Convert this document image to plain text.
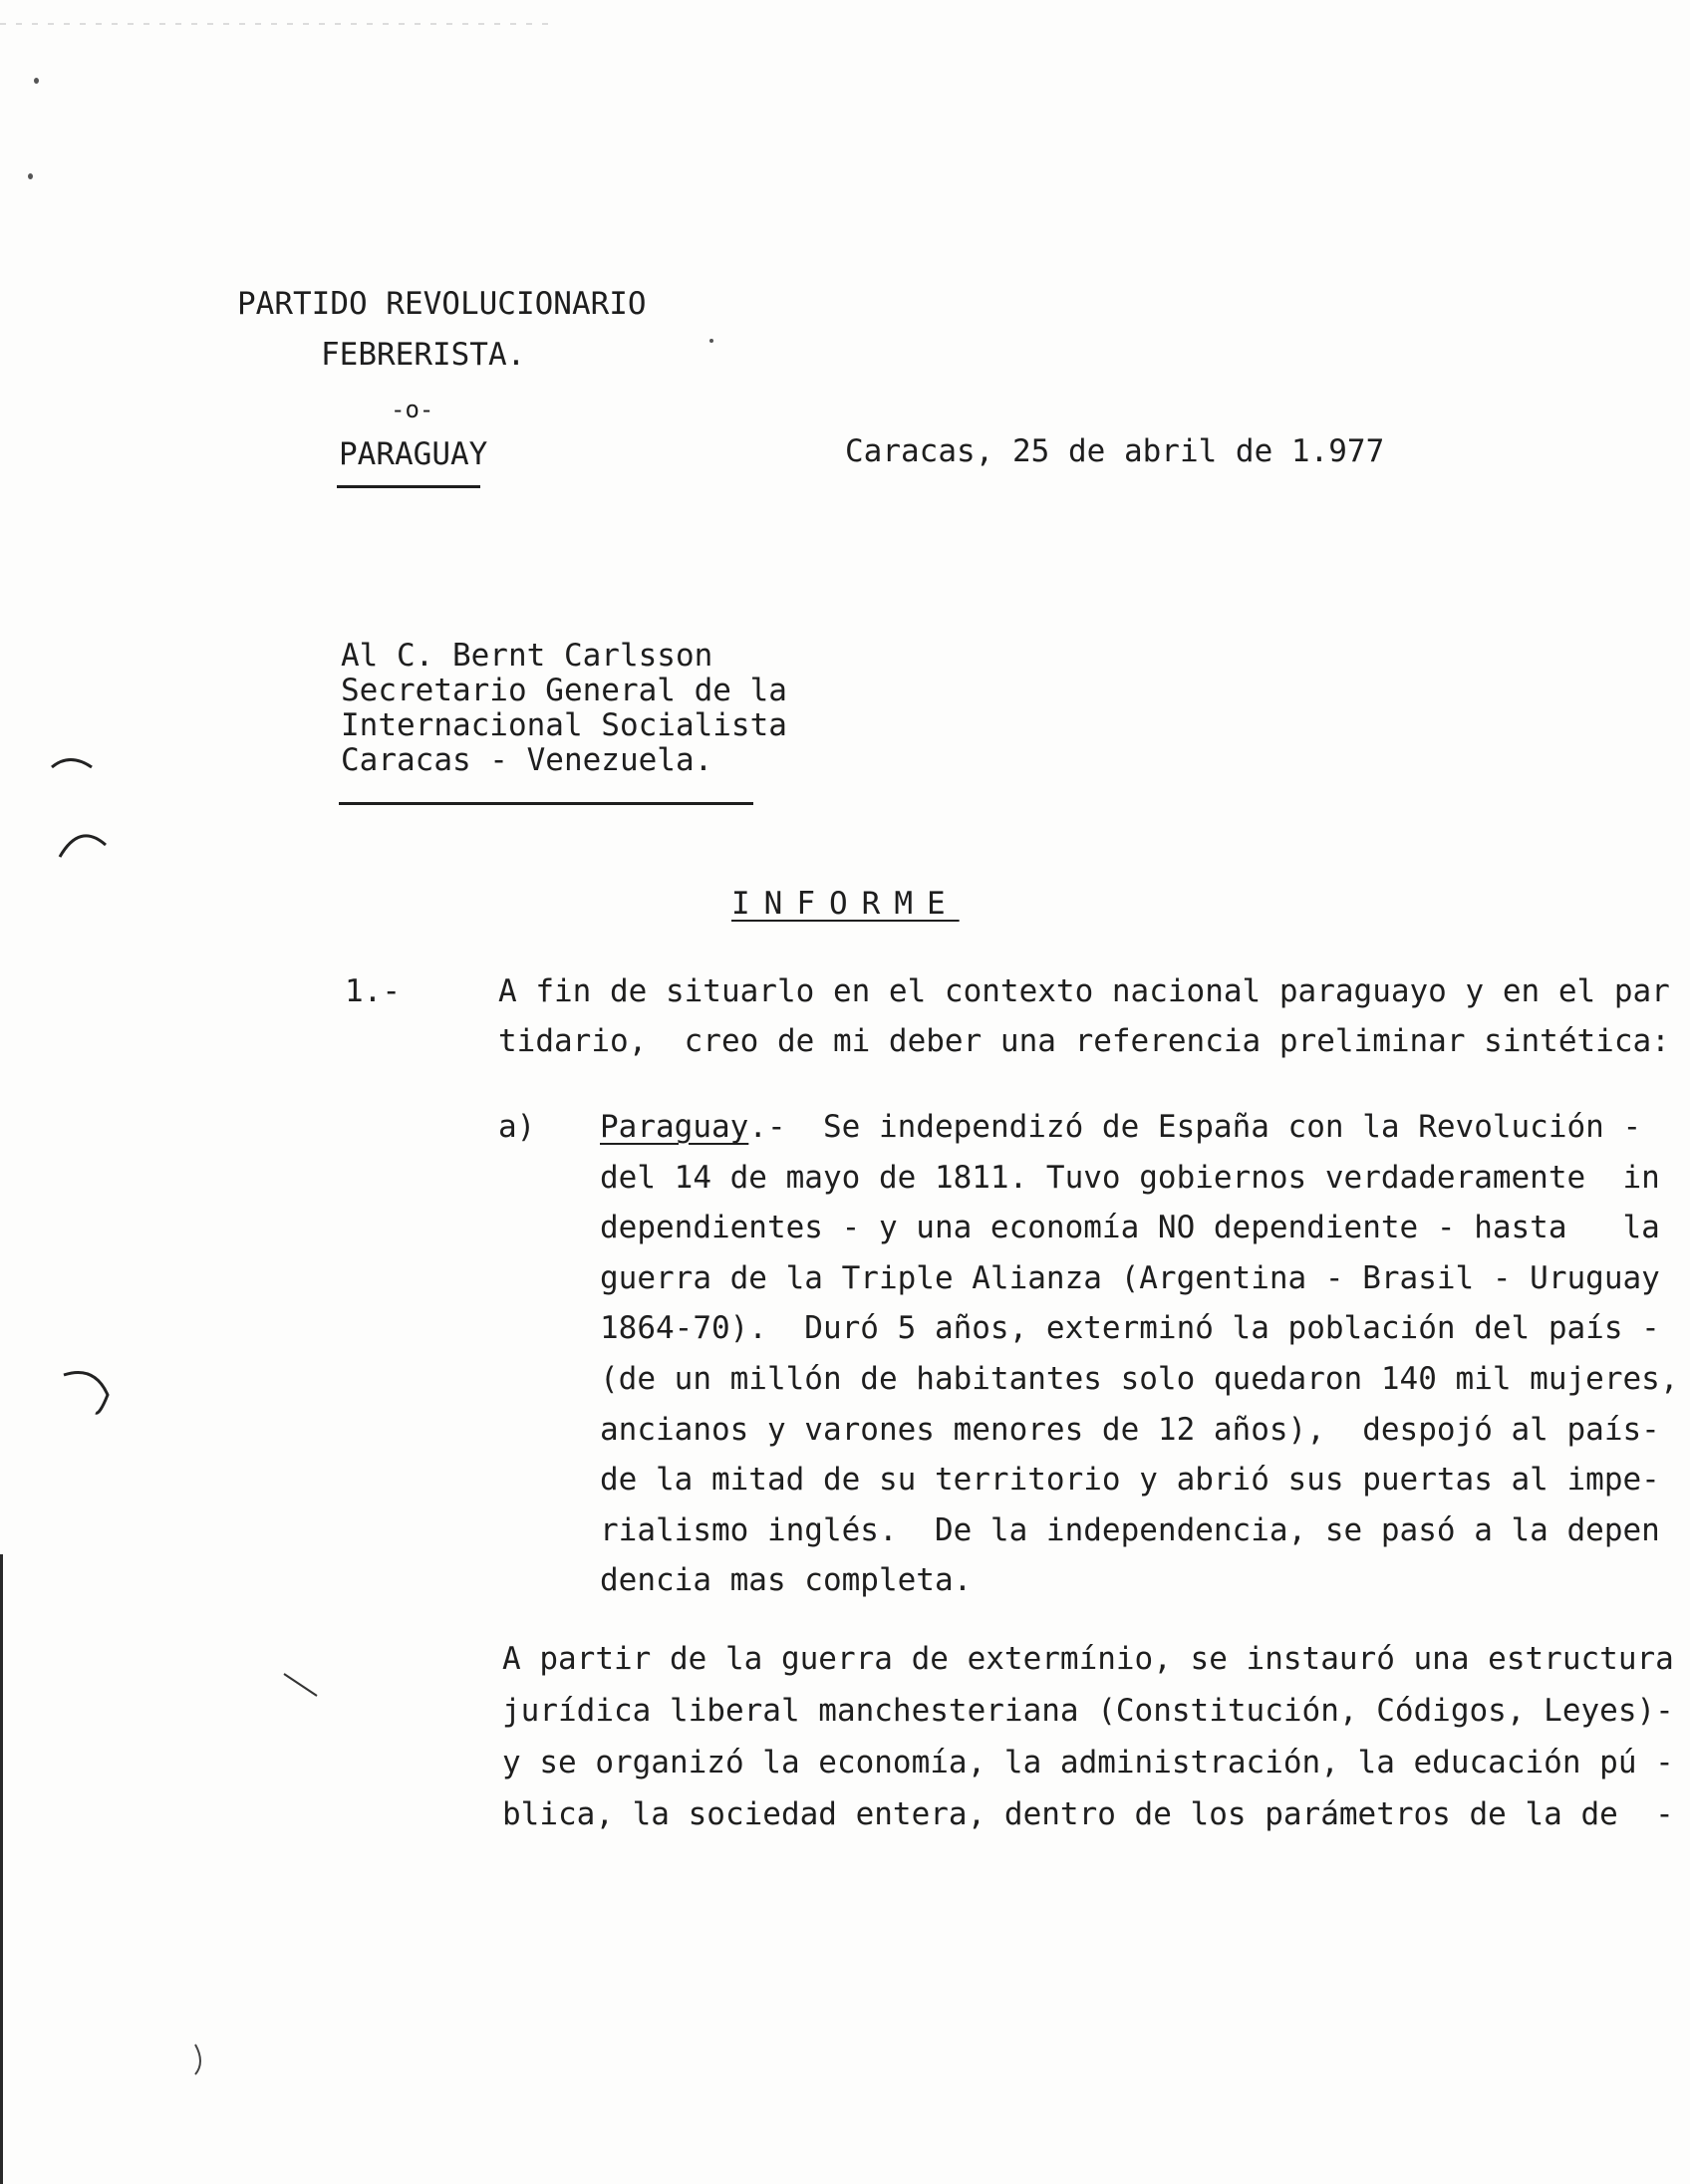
PARTIDO REVOLUCIONARIO
FEBRERISTA.
-o-
PARAGUAY	Caracas, 25 de abril de 1.977
Al C. Bernt Carlsson
Secretario General de la
Internacional Socialista
Caracas - Venezuela.
INFORME
1.-	A fin de situarlo en el contexto nacional paraguayo y en el par
tidario,  creo de mi deber una referencia preliminar sintética:
a) Paraguay.-  Se independizó de España con la Revolución -
del 14 de mayo de 1811. Tuvo gobiernos verdaderamente  in
dependientes - y una economía NO dependiente - hasta   la
guerra de la Triple Alianza (Argentina - Brasil - Uruguay
1864-70).  Duró 5 años, exterminó la población del país -
(de un millón de habitantes solo quedaron 140 mil mujeres,
ancianos y varones menores de 12 años),  despojó al país-
de la mitad de su territorio y abrió sus puertas al impe-
rialismo inglés.  De la independencia, se pasó a la depen
dencia mas completa.
A partir de la guerra de extermínio, se instauró una estructura
jurídica liberal manchesteriana (Constitución, Códigos, Leyes)-
y se organizó la economía, la administración, la educación pú -
blica, la sociedad entera, dentro de los parámetros de la de  -
